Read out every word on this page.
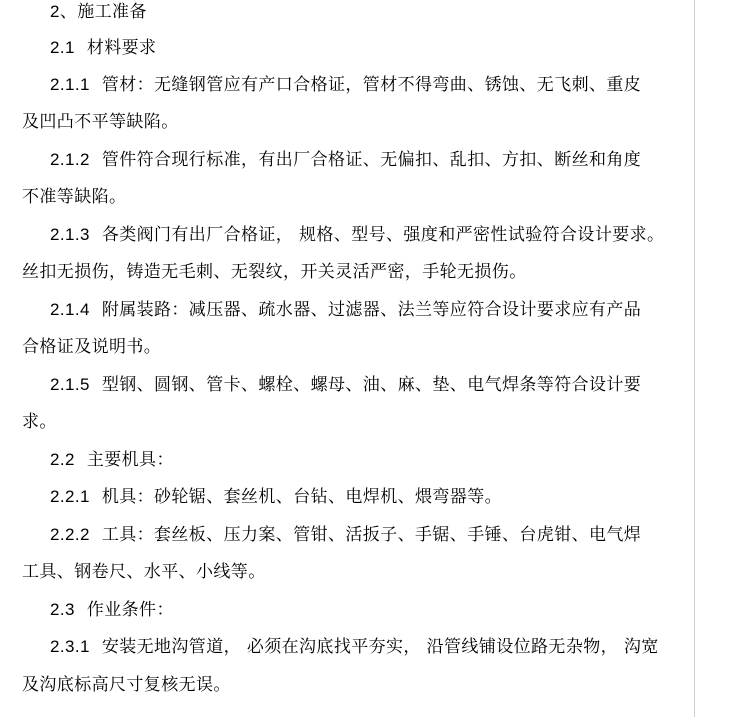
2、施工准备
2.1 材料要求
2.1.1 管材：无缝钢管应有产口合格证，管材不得弯曲、锈蚀、无飞刺、重皮
及凹凸不平等缺陷。
2.1.2 管件符合现行标准，有出厂合格证、无偏扣、乱扣、方扣、断丝和角度
不准等缺陷。
2.1.3 各类阀门有出厂合格证， 规格、型号、强度和严密性试验符合设计要求。
丝扣无损伤，铸造无毛刺、无裂纹，开关灵活严密，手轮无损伤。
2.1.4 附属装路：减压器、疏水器、过滤器、法兰等应符合设计要求应有产品
合格证及说明书。
2.1.5 型钢、圆钢、管卡、螺栓、螺母、油、麻、垫、电气焊条等符合设计要
求。
2.2 主要机具：
2.2.1 机具：砂轮锯、套丝机、台钻、电焊机、煨弯器等。
2.2.2 工具：套丝板、压力案、管钳、活扳子、手锯、手锤、台虎钳、电气焊
工具、钢卷尺、水平、小线等。
2.3 作业条件：
2.3.1 安装无地沟管道， 必须在沟底找平夯实， 沿管线铺设位路无杂物， 沟宽
及沟底标高尺寸复核无误。
